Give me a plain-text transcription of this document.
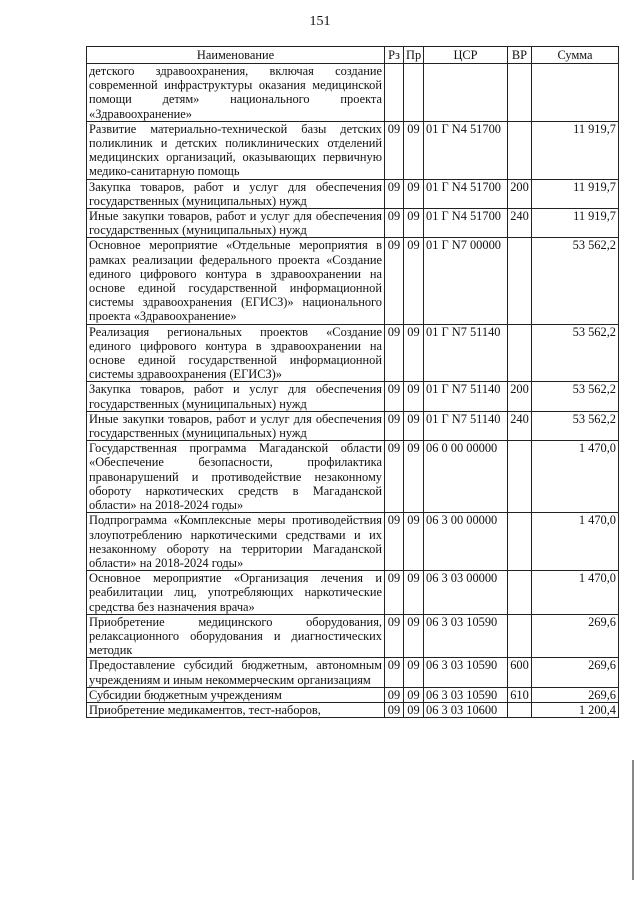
151
Наименование	Рз	Пр	ЦСР	ВР	Сумма
детского здравоохранения, включая создание современной инфраструктуры оказания медицинской помощи детям» национального проекта «Здравоохранение»					
Развитие материально-технической базы детских поликлиник и детских поликлинических отделений медицинских организаций, оказывающих первичную медико-санитарную помощь	09	09	01 Г N4 51700		11 919,7
Закупка товаров, работ и услуг для обеспечения государственных (муниципальных) нужд	09	09	01 Г N4 51700	200	11 919,7
Иные закупки товаров, работ и услуг для обеспечения государственных (муниципальных) нужд	09	09	01 Г N4 51700	240	11 919,7
Основное мероприятие «Отдельные мероприятия в рамках реализации федерального проекта «Создание единого цифрового контура в здравоохранении на основе единой государственной информационной системы здравоохранения (ЕГИСЗ)» национального проекта «Здравоохранение»	09	09	01 Г N7 00000		53 562,2
Реализация региональных проектов «Создание единого цифрового контура в здравоохранении на основе единой государственной информационной системы здравоохранения (ЕГИСЗ)»	09	09	01 Г N7 51140		53 562,2
Закупка товаров, работ и услуг для обеспечения государственных (муниципальных) нужд	09	09	01 Г N7 51140	200	53 562,2
Иные закупки товаров, работ и услуг для обеспечения государственных (муниципальных) нужд	09	09	01 Г N7 51140	240	53 562,2
Государственная программа Магаданской области «Обеспечение безопасности, профилактика правонарушений и противодействие незаконному обороту наркотических средств в Магаданской области» на 2018-2024 годы»	09	09	06 0 00 00000		1 470,0
Подпрограмма «Комплексные меры противодействия злоупотреблению наркотическими средствами и их незаконному обороту на территории Магаданской области» на 2018-2024 годы»	09	09	06 3 00 00000		1 470,0
Основное мероприятие «Организация лечения и реабилитации лиц, употребляющих наркотические средства без назначения врача»	09	09	06 3 03 00000		1 470,0
Приобретение медицинского оборудования, релаксационного оборудования и диагностических методик	09	09	06 3 03 10590		269,6
Предоставление субсидий бюджетным, автономным учреждениям и иным некоммерческим организациям	09	09	06 3 03 10590	600	269,6
Субсидии бюджетным учреждениям	09	09	06 3 03 10590	610	269,6
Приобретение медикаментов, тест-наборов,	09	09	06 3 03 10600		1 200,4
